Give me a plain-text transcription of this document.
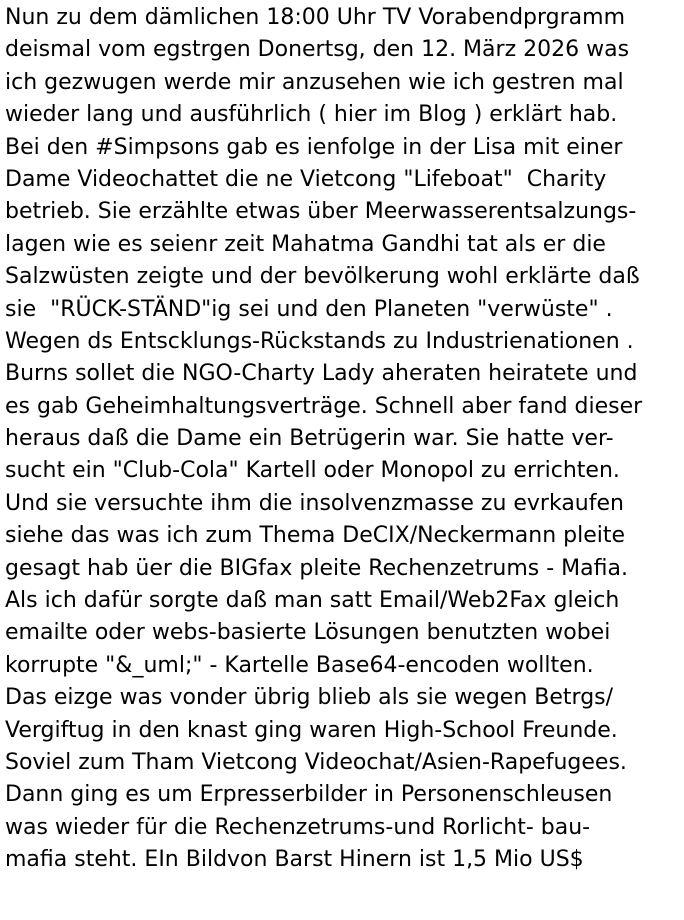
Nun zu dem dämlichen 18:00 Uhr TV Vorabendprgramm
deismal vom egstrgen Donertsg, den 12. März 2026 was
ich gezwugen werde mir anzusehen wie ich gestren mal
wieder lang und ausführlich ( hier im Blog ) erklärt hab.
Bei den #Simpsons gab es ienfolge in der Lisa mit einer
Dame Videochattet die ne Vietcong "Lifeboat"  Charity
betrieb. Sie erzählte etwas über Meerwasserentsalzungs-
lagen wie es seienr zeit Mahatma Gandhi tat als er die
Salzwüsten zeigte und der bevölkerung wohl erklärte daß
sie  "RÜCK-STÄND"ig sei und den Planeten "verwüste" .
Wegen ds Entscklungs-Rückstands zu Industrienationen .
Burns sollet die NGO-Charty Lady aheraten heiratete und
es gab Geheimhaltungsverträge. Schnell aber fand dieser
heraus daß die Dame ein Betrügerin war. Sie hatte ver-
sucht ein "Club-Cola" Kartell oder Monopol zu errichten.
Und sie versuchte ihm die insolvenzmasse zu evrkaufen
siehe das was ich zum Thema DeCIX/Neckermann pleite
gesagt hab üer die BIGfax pleite Rechenzetrums - Mafia.
Als ich dafür sorgte daß man satt Email/Web2Fax gleich
emailte oder webs-basierte Lösungen benutzten wobei
korrupte "&_uml;" - Kartelle Base64-encoden wollten.
Das eizge was vonder übrig blieb als sie wegen Betrgs/
Vergiftug in den knast ging waren High-School Freunde.
Soviel zum Tham Vietcong Videochat/Asien-Rapefugees.
Dann ging es um Erpresserbilder in Personenschleusen
was wieder für die Rechenzetrums-und Rorlicht- bau-
mafia steht. EIn Bildvon Barst Hinern ist 1,5 Mio US$
